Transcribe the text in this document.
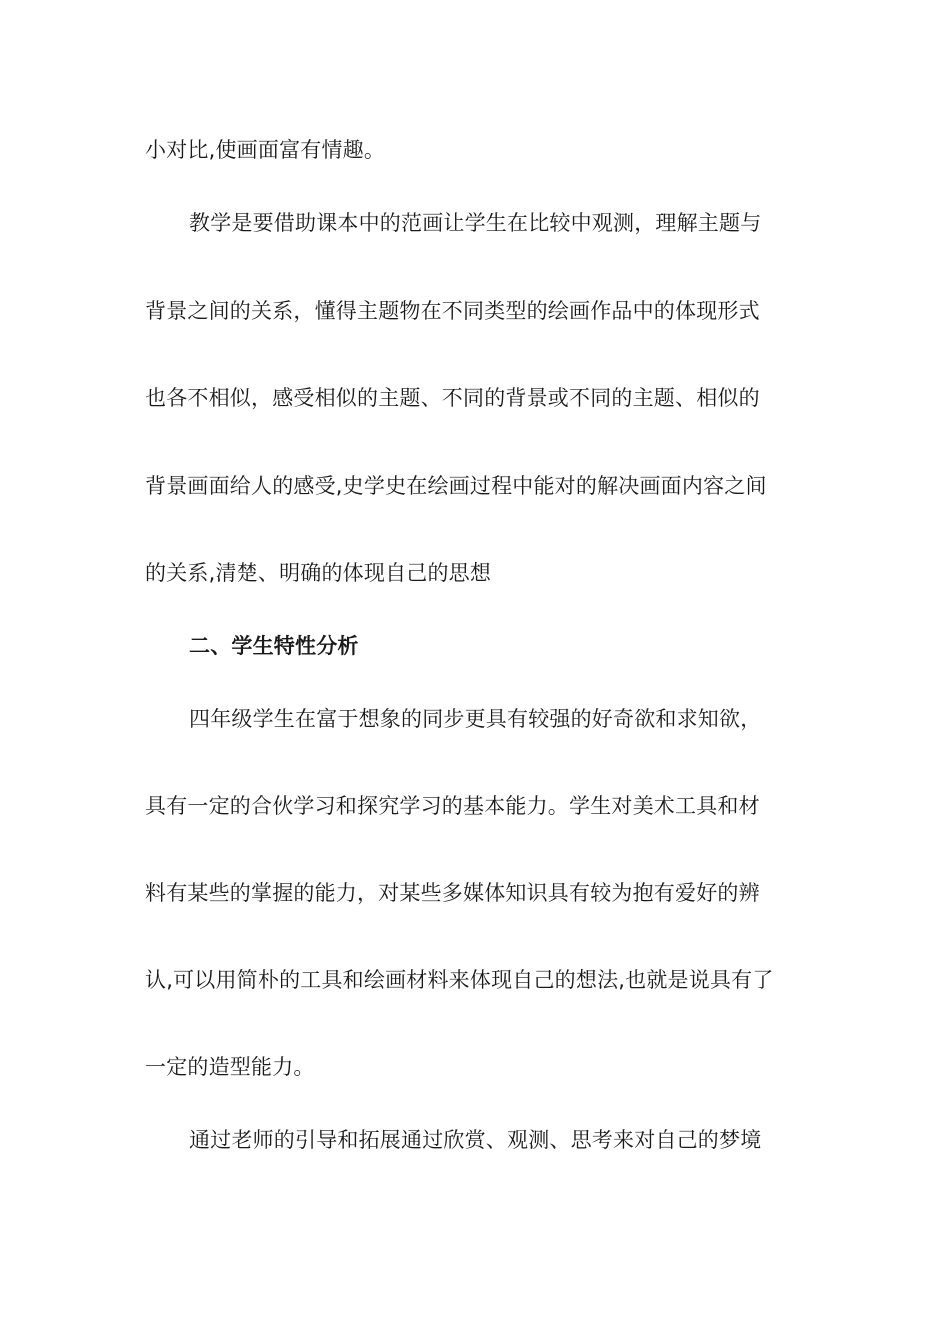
小对比,使画面富有情趣。
教学是要借助课本中的范画让学生在比较中观测，理解主题与
背景之间的关系，懂得主题物在不同类型的绘画作品中的体现形式
也各不相似，感受相似的主题、不同的背景或不同的主题、相似的
背景画面给人的感受,史学史在绘画过程中能对的解决画面内容之间
的关系,清楚、明确的体现自己的思想
二、学生特性分析
四年级学生在富于想象的同步更具有较强的好奇欲和求知欲，
具有一定的合伙学习和探究学习的基本能力。学生对美术工具和材
料有某些的掌握的能力，对某些多媒体知识具有较为抱有爱好的辨
认,可以用简朴的工具和绘画材料来体现自己的想法,也就是说具有了
一定的造型能力。
通过老师的引导和拓展通过欣赏、观测、思考来对自己的梦境
